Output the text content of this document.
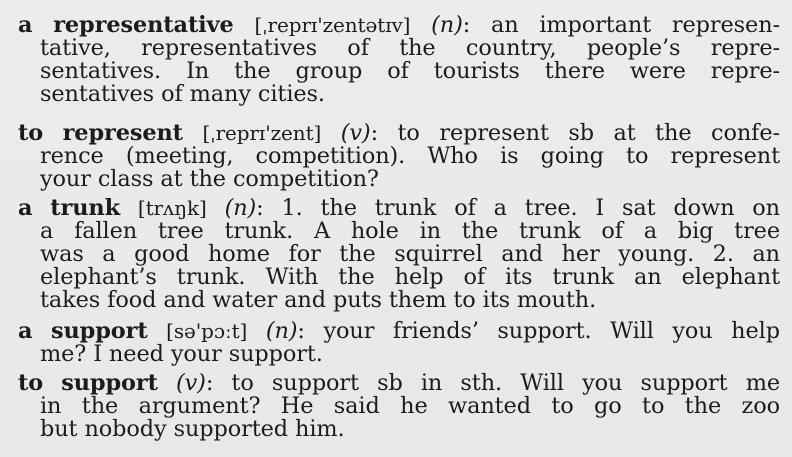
a representative [ˌreprɪ'zentətɪv] (n): an important represen-
tative, representatives of the country, people’s repre-
sentatives. In the group of tourists there were repre-
sentatives of many cities.
to represent [ˌreprɪ'zent] (v): to represent sb at the confe-
rence (meeting, competition). Who is going to represent
your class at the competition?
a trunk [trʌŋk] (n): 1. the trunk of a tree. I sat down on
a fallen tree trunk. A hole in the trunk of a big tree
was a good home for the squirrel and her young. 2. an
elephant’s trunk. With the help of its trunk an elephant
takes food and water and puts them to its mouth.
a support [sə'pɔːt] (n): your friends’ support. Will you help
me? I need your support.
to support (v): to support sb in sth. Will you support me
in the argument? He said he wanted to go to the zoo
but nobody supported him.
